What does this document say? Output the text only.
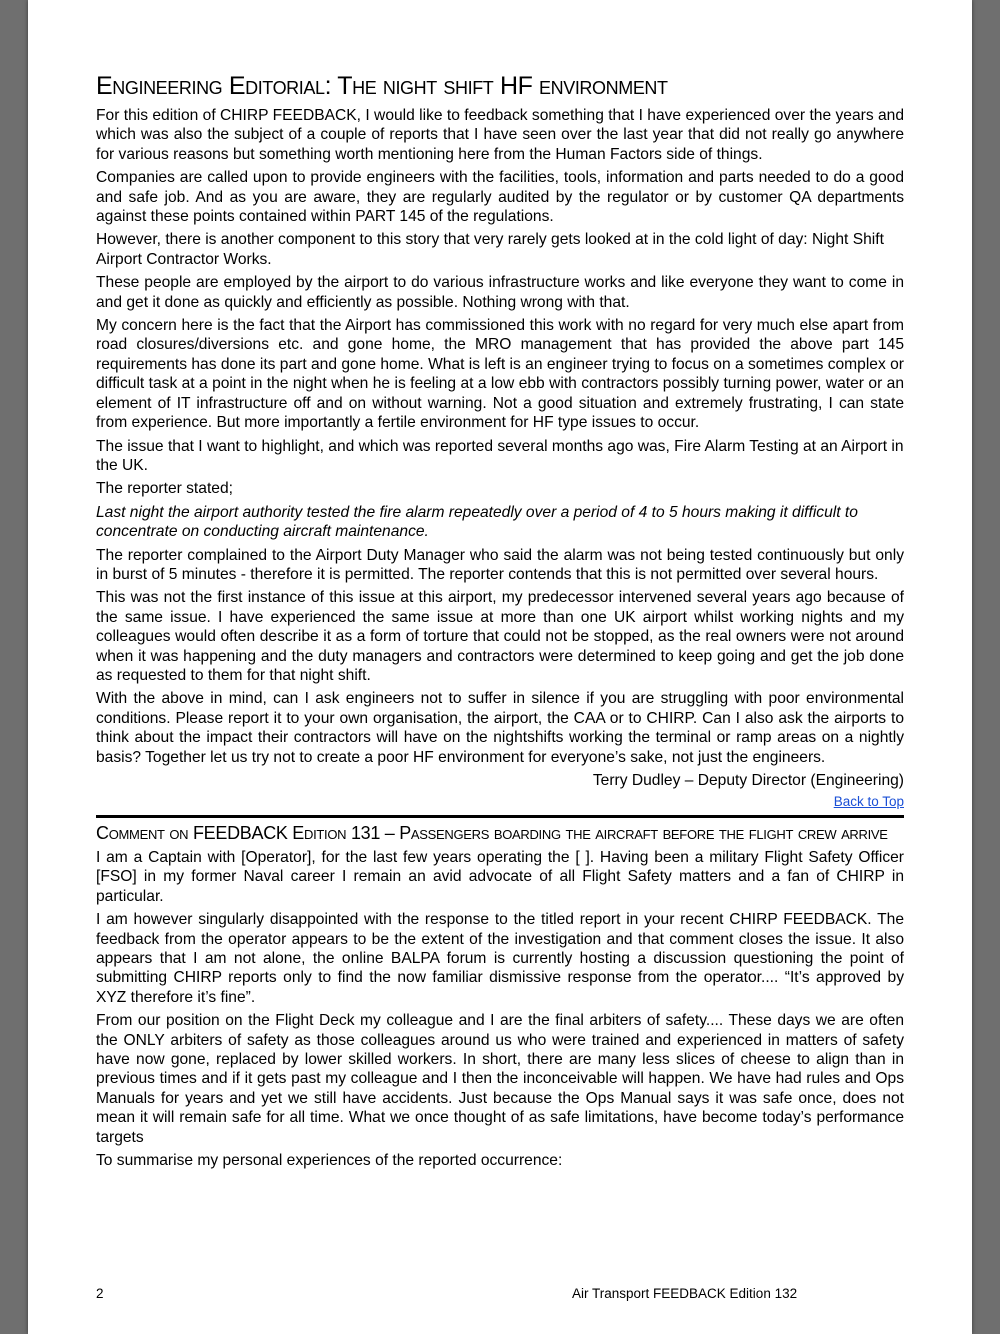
Engineering Editorial: The night shift HF environment

For this edition of CHIRP FEEDBACK, I would like to feedback something that I have experienced over the years and which was also the subject of a couple of reports that I have seen over the last year that did not really go anywhere for various reasons but something worth mentioning here from the Human Factors side of things.

Companies are called upon to provide engineers with the facilities, tools, information and parts needed to do a good and safe job. And as you are aware, they are regularly audited by the regulator or by customer QA departments against these points contained within PART 145 of the regulations.

However, there is another component to this story that very rarely gets looked at in the cold light of day: Night Shift Airport Contractor Works.

These people are employed by the airport to do various infrastructure works and like everyone they want to come in and get it done as quickly and efficiently as possible. Nothing wrong with that.

My concern here is the fact that the Airport has commissioned this work with no regard for very much else apart from road closures/diversions etc. and gone home, the MRO management that has provided the above part 145 requirements has done its part and gone home. What is left is an engineer trying to focus on a sometimes complex or difficult task at a point in the night when he is feeling at a low ebb with contractors possibly turning power, water or an element of IT infrastructure off and on without warning. Not a good situation and extremely frustrating, I can state from experience. But more importantly a fertile environment for HF type issues to occur.

The issue that I want to highlight, and which was reported several months ago was, Fire Alarm Testing at an Airport in the UK.

The reporter stated;

Last night the airport authority tested the fire alarm repeatedly over a period of 4 to 5 hours making it difficult to concentrate on conducting aircraft maintenance.

The reporter complained to the Airport Duty Manager who said the alarm was not being tested continuously but only in burst of 5 minutes - therefore it is permitted. The reporter contends that this is not permitted over several hours.

This was not the first instance of this issue at this airport, my predecessor intervened several years ago because of the same issue. I have experienced the same issue at more than one UK airport whilst working nights and my colleagues would often describe it as a form of torture that could not be stopped, as the real owners were not around when it was happening and the duty managers and contractors were determined to keep going and get the job done as requested to them for that night shift.

With the above in mind, can I ask engineers not to suffer in silence if you are struggling with poor environmental conditions. Please report it to your own organisation, the airport, the CAA or to CHIRP. Can I also ask the airports to think about the impact their contractors will have on the nightshifts working the terminal or ramp areas on a nightly basis? Together let us try not to create a poor HF environment for everyone’s sake, not just the engineers.

Terry Dudley – Deputy Director (Engineering)
Back to Top
Comment on FEEDBACK Edition 131 – Passengers boarding the aircraft before the flight crew arrive

I am a Captain with [Operator], for the last few years operating the [ ]. Having been a military Flight Safety Officer [FSO] in my former Naval career I remain an avid advocate of all Flight Safety matters and a fan of CHIRP in particular.

I am however singularly disappointed with the response to the titled report in your recent CHIRP FEEDBACK. The feedback from the operator appears to be the extent of the investigation and that comment closes the issue. It also appears that I am not alone, the online BALPA forum is currently hosting a discussion questioning the point of submitting CHIRP reports only to find the now familiar dismissive response from the operator.... “It’s approved by XYZ therefore it’s fine”.

From our position on the Flight Deck my colleague and I are the final arbiters of safety.... These days we are often the ONLY arbiters of safety as those colleagues around us who were trained and experienced in matters of safety have now gone, replaced by lower skilled workers. In short, there are many less slices of cheese to align than in previous times and if it gets past my colleague and I then the inconceivable will happen. We have had rules and Ops Manuals for years and yet we still have accidents. Just because the Ops Manual says it was safe once, does not mean it will remain safe for all time. What we once thought of as safe limitations, have become today’s performance targets

To summarise my personal experiences of the reported occurrence:

2	Air Transport FEEDBACK Edition 132
